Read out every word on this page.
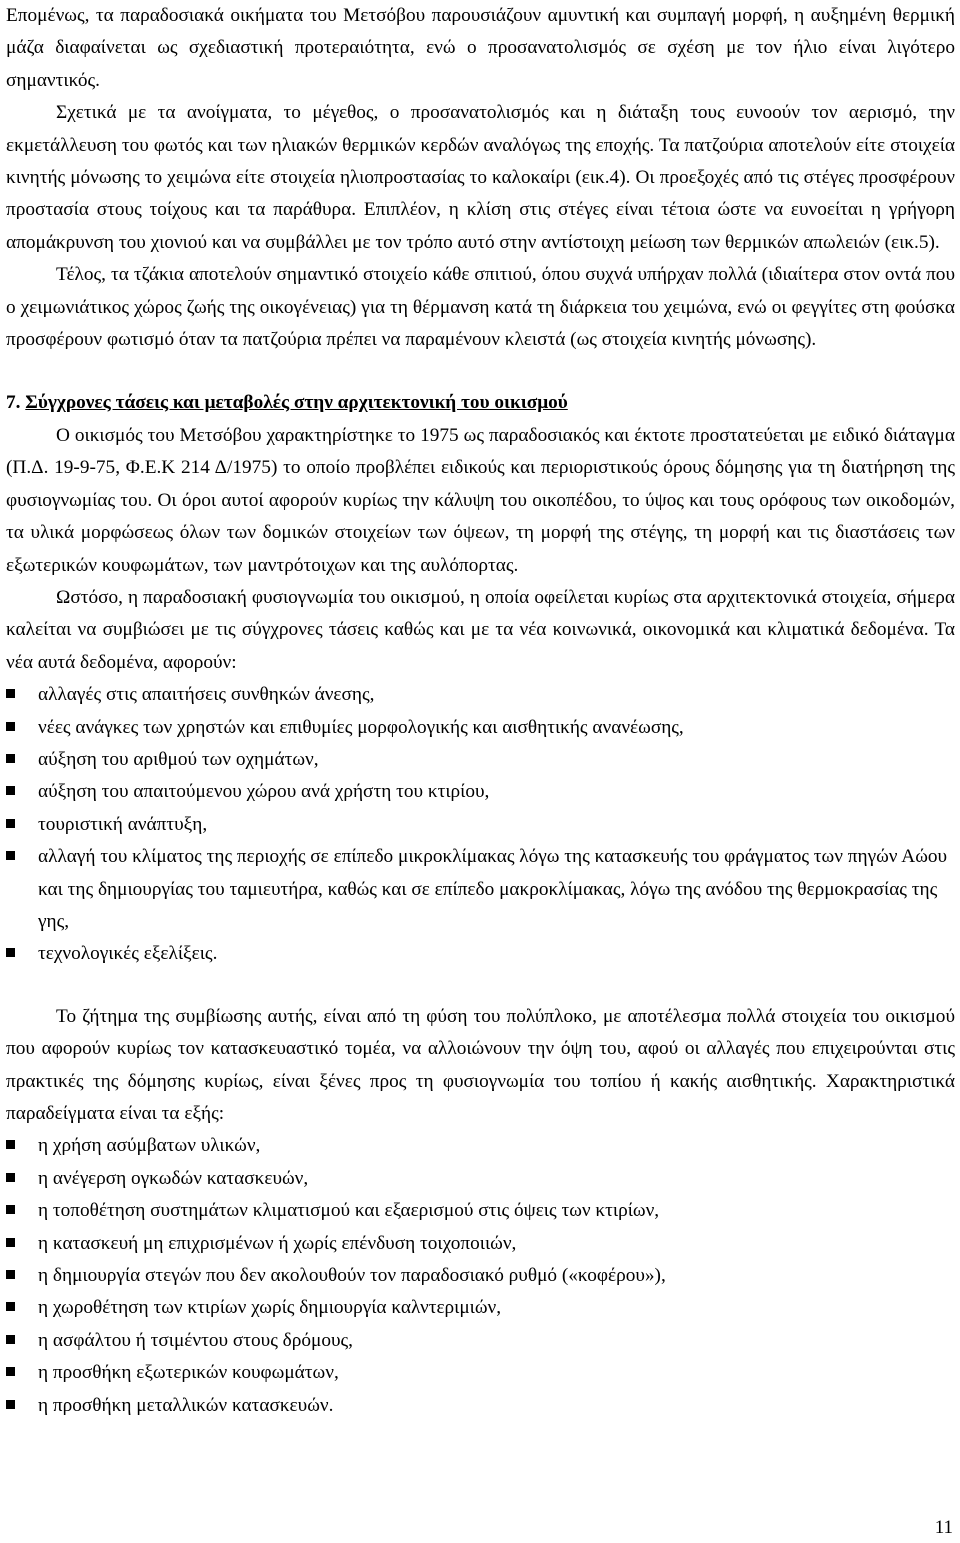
Επομένως, τα παραδοσιακά οικήματα του Μετσόβου παρουσιάζουν αμυντική και συμπαγή μορφή, η αυξημένη θερμική μάζα διαφαίνεται ως σχεδιαστική προτεραιότητα, ενώ ο προσανατολισμός σε σχέση με τον ήλιο είναι λιγότερο σημαντικός.

Σχετικά με τα ανοίγματα, το μέγεθος, ο προσανατολισμός και η διάταξη τους ευνοούν τον αερισμό, την εκμετάλλευση του φωτός και των ηλιακών θερμικών κερδών αναλόγως της εποχής. Τα πατζούρια αποτελούν είτε στοιχεία κινητής μόνωσης το χειμώνα είτε στοιχεία ηλιοπροστασίας το καλοκαίρι (εικ.4). Οι προεξοχές από τις στέγες προσφέρουν προστασία στους τοίχους και τα παράθυρα. Επιπλέον, η κλίση στις στέγες είναι τέτοια ώστε να ευνοείται η γρήγορη απομάκρυνση του χιονιού και να συμβάλλει με τον τρόπο αυτό στην αντίστοιχη μείωση των θερμικών απωλειών (εικ.5).

Τέλος, τα τζάκια αποτελούν σημαντικό στοιχείο κάθε σπιτιού, όπου συχνά υπήρχαν πολλά (ιδιαίτερα στον οντά που ο χειμωνιάτικος χώρος ζωής της οικογένειας) για τη θέρμανση κατά τη διάρκεια του χειμώνα, ενώ οι φεγγίτες στη φούσκα προσφέρουν φωτισμό όταν τα πατζούρια πρέπει να παραμένουν κλειστά (ως στοιχεία κινητής μόνωσης).

7. Σύγχρονες τάσεις και μεταβολές στην αρχιτεκτονική του οικισμού

Ο οικισμός του Μετσόβου χαρακτηρίστηκε το 1975 ως παραδοσιακός και έκτοτε προστατεύεται με ειδικό διάταγμα (Π.Δ. 19-9-75, Φ.Ε.Κ 214 Δ/1975) το οποίο προβλέπει ειδικούς και περιοριστικούς όρους δόμησης για τη διατήρηση της φυσιογνωμίας του. Οι όροι αυτοί αφορούν κυρίως την κάλυψη του οικοπέδου, το ύψος και τους ορόφους των οικοδομών, τα υλικά μορφώσεως όλων των δομικών στοιχείων των όψεων, τη μορφή της στέγης, τη μορφή και τις διαστάσεις των εξωτερικών κουφωμάτων, των μαντρότοιχων και της αυλόπορτας.

Ωστόσο, η παραδοσιακή φυσιογνωμία του οικισμού, η οποία οφείλεται κυρίως στα αρχιτεκτονικά στοιχεία, σήμερα καλείται να συμβιώσει με τις σύγχρονες τάσεις καθώς και με τα νέα κοινωνικά, οικονομικά και κλιματικά δεδομένα. Τα νέα αυτά δεδομένα, αφορούν:

αλλαγές στις απαιτήσεις συνθηκών άνεσης,
νέες ανάγκες των χρηστών και επιθυμίες μορφολογικής και αισθητικής ανανέωσης,
αύξηση του αριθμού των οχημάτων,
αύξηση του απαιτούμενου χώρου ανά χρήστη του κτιρίου,
τουριστική ανάπτυξη,
αλλαγή του κλίματος της περιοχής σε επίπεδο μικροκλίμακας λόγω της κατασκευής του φράγματος των πηγών Αώου και της δημιουργίας του ταμιευτήρα, καθώς και σε επίπεδο μακροκλίμακας, λόγω της ανόδου της θερμοκρασίας της γης,
τεχνολογικές εξελίξεις.

Το ζήτημα της συμβίωσης αυτής, είναι από τη φύση του πολύπλοκο, με αποτέλεσμα πολλά στοιχεία του οικισμού που αφορούν κυρίως τον κατασκευαστικό τομέα, να αλλοιώνουν την όψη του, αφού οι αλλαγές που επιχειρούνται στις πρακτικές της δόμησης κυρίως, είναι ξένες προς τη φυσιογνωμία του τοπίου ή κακής αισθητικής. Χαρακτηριστικά παραδείγματα είναι τα εξής:

η χρήση ασύμβατων υλικών,
η ανέγερση ογκωδών κατασκευών,
η τοποθέτηση συστημάτων κλιματισμού και εξαερισμού στις όψεις των κτιρίων,
η κατασκευή μη επιχρισμένων ή χωρίς επένδυση τοιχοποιιών,
η δημιουργία στεγών που δεν ακολουθούν τον παραδοσιακό ρυθμό («κοφέρου»),
η χωροθέτηση των κτιρίων χωρίς δημιουργία καλντεριμιών,
η ασφάλτου ή τσιμέντου στους δρόμους,
η προσθήκη εξωτερικών κουφωμάτων,
η προσθήκη μεταλλικών κατασκευών.
11
